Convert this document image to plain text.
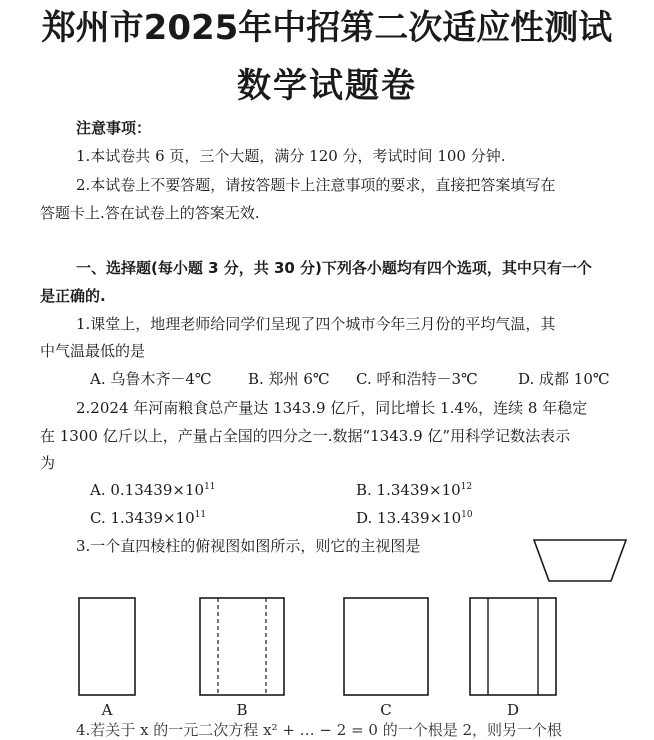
郑州市2025年中招第二次适应性测试
数学试题卷
注意事项：
1.本试卷共 6 页，三个大题，满分 120 分，考试时间 100 分钟.
2.本试卷上不要答题，请按答题卡上注意事项的要求，直接把答案填写在
答题卡上.答在试卷上的答案无效.
一、选择题(每小题 3 分，共 30 分)下列各小题均有四个选项，其中只有一个
是正确的.
1.课堂上，地理老师给同学们呈现了四个城市今年三月份的平均气温，其
中气温最低的是
A. 乌鲁木齐－4℃ B. 郑州 6℃ C. 呼和浩特－3℃	D. 成都 10℃
2.2024 年河南粮食总产量达 1343.9 亿斤，同比增长 1.4%，连续 8 年稳定
在 1300 亿斤以上，产量占全国的四分之一.数据“1343.9 亿”用科学记数法表示
为
A. $0.13439\times 10^{11}$	B. $1.3439\times 10^{12}$
C. $1.3439\times 10^{11}$	D. $13.439\times 10^{10}$
3.一个直四棱柱的俯视图如图所示，则它的主视图是
A	B	C	D
4.若关于 x 的一元二次方程 x² + … − 2 = 0 的一个根是 2，则另一个根
